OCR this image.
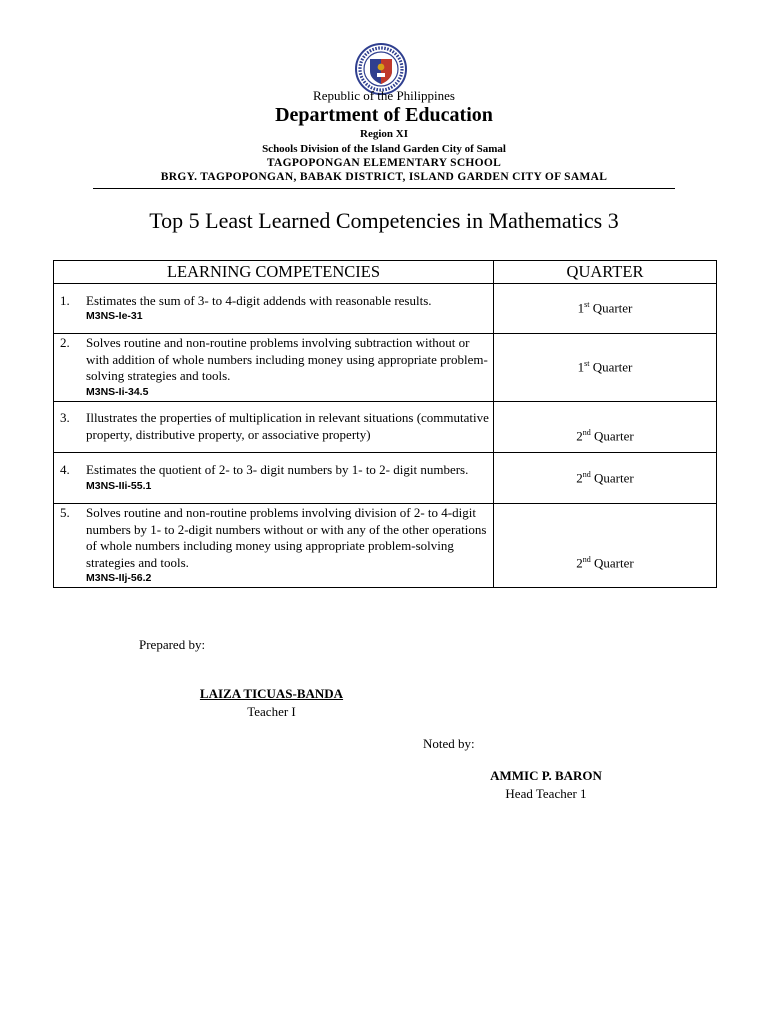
Republic of the Philippines
Department of Education
Region XI
Schools Division of the Island Garden City of Samal
TAGPOPONGAN ELEMENTARY SCHOOL
BRGY. TAGPOPONGAN, BABAK DISTRICT, ISLAND GARDEN CITY OF SAMAL
Top 5 Least Learned Competencies in Mathematics 3
LEARNING COMPETENCIES	QUARTER

1. Estimates the sum of 3- to 4-digit addends with reasonable results.
M3NS-Ie-31	1st Quarter

2. Solves routine and non-routine problems involving subtraction without or with addition of whole numbers including money using appropriate problem-solving strategies and tools.
M3NS-Ii-34.5	1st Quarter

3. Illustrates the properties of multiplication in relevant situations (commutative property, distributive property, or associative property)	2nd Quarter

4. Estimates the quotient of 2- to 3- digit numbers by 1- to 2- digit numbers.
M3NS-IIi-55.1	2nd Quarter

5. Solves routine and non-routine problems involving division of 2- to 4-digit numbers by 1- to 2-digit numbers without or with any of the other operations of whole numbers including money using appropriate problem-solving strategies and tools.
M3NS-IIj-56.2	2nd Quarter
Prepared by:
LAIZA TICUAS-BANDA
Teacher I
Noted by:
AMMIC P. BARON
Head Teacher 1
